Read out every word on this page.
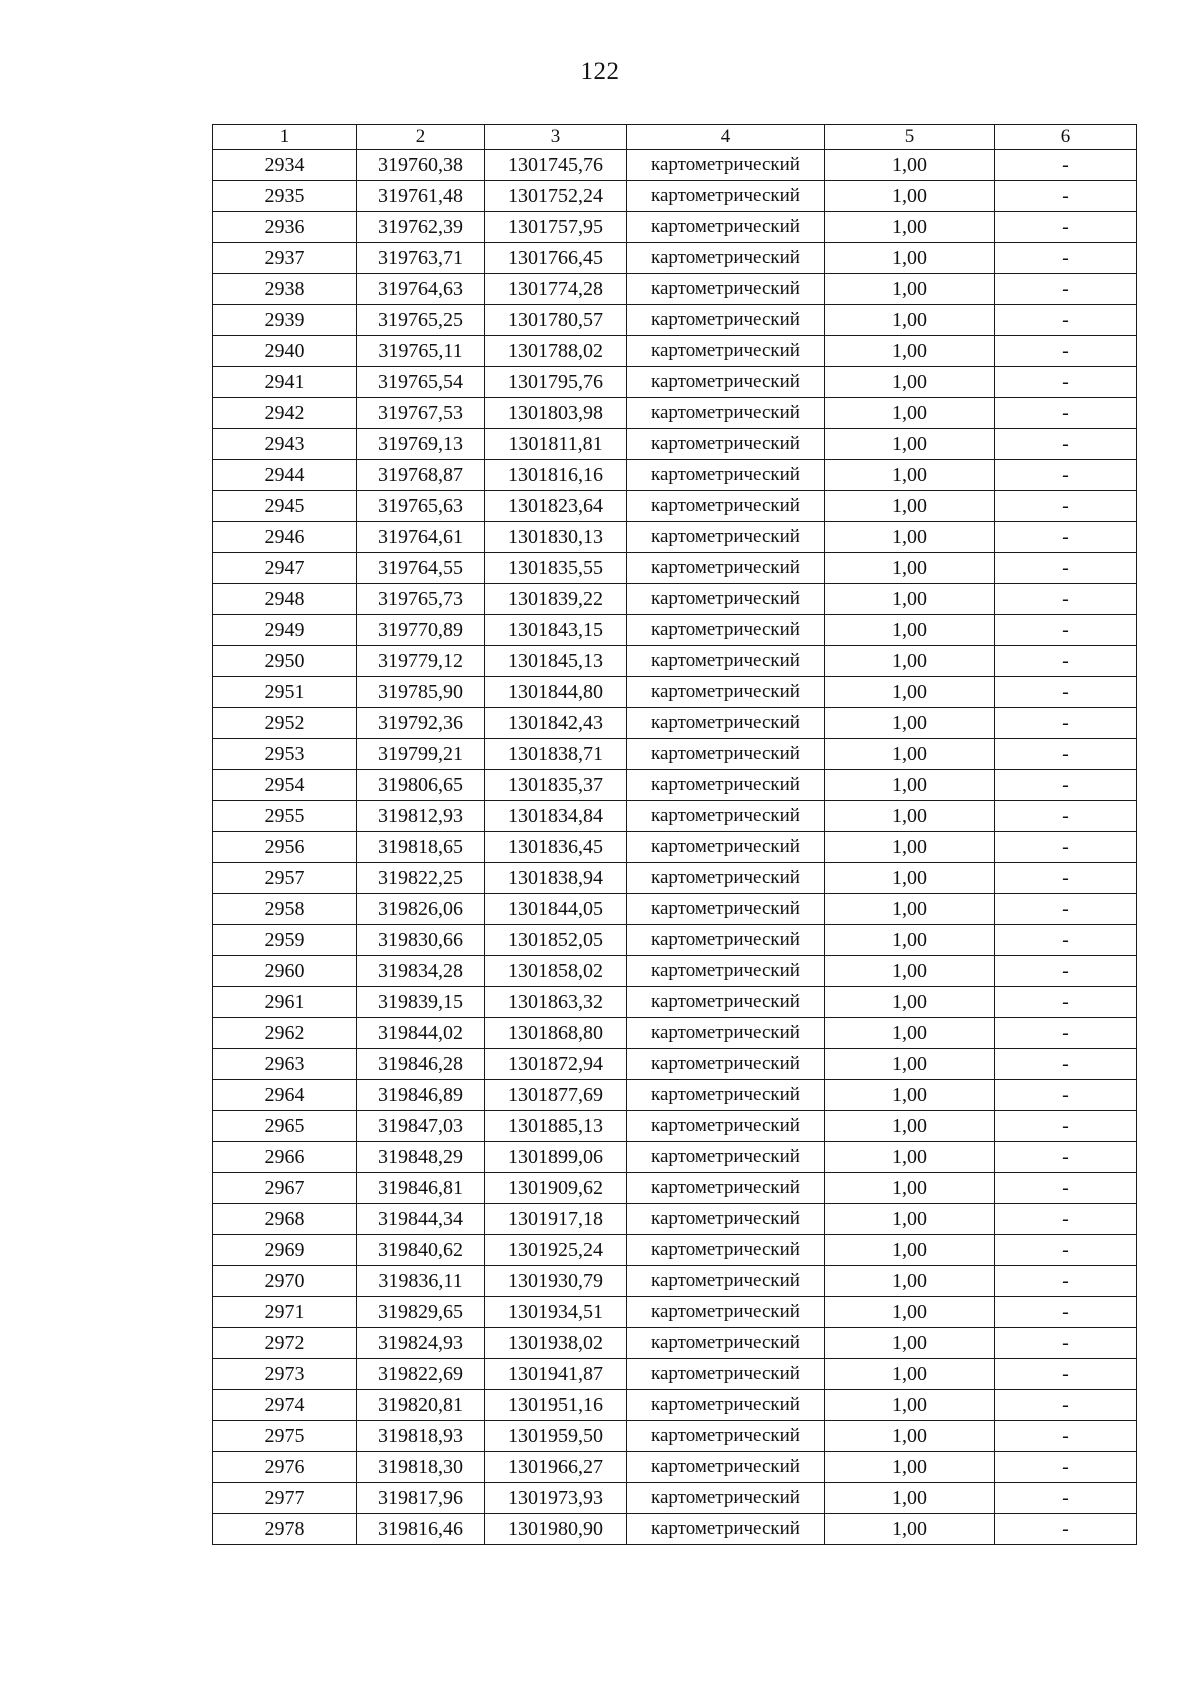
122
1	2	3	4	5	6
2934	319760,38	1301745,76	картометрический	1,00	-
2935	319761,48	1301752,24	картометрический	1,00	-
2936	319762,39	1301757,95	картометрический	1,00	-
2937	319763,71	1301766,45	картометрический	1,00	-
2938	319764,63	1301774,28	картометрический	1,00	-
2939	319765,25	1301780,57	картометрический	1,00	-
2940	319765,11	1301788,02	картометрический	1,00	-
2941	319765,54	1301795,76	картометрический	1,00	-
2942	319767,53	1301803,98	картометрический	1,00	-
2943	319769,13	1301811,81	картометрический	1,00	-
2944	319768,87	1301816,16	картометрический	1,00	-
2945	319765,63	1301823,64	картометрический	1,00	-
2946	319764,61	1301830,13	картометрический	1,00	-
2947	319764,55	1301835,55	картометрический	1,00	-
2948	319765,73	1301839,22	картометрический	1,00	-
2949	319770,89	1301843,15	картометрический	1,00	-
2950	319779,12	1301845,13	картометрический	1,00	-
2951	319785,90	1301844,80	картометрический	1,00	-
2952	319792,36	1301842,43	картометрический	1,00	-
2953	319799,21	1301838,71	картометрический	1,00	-
2954	319806,65	1301835,37	картометрический	1,00	-
2955	319812,93	1301834,84	картометрический	1,00	-
2956	319818,65	1301836,45	картометрический	1,00	-
2957	319822,25	1301838,94	картометрический	1,00	-
2958	319826,06	1301844,05	картометрический	1,00	-
2959	319830,66	1301852,05	картометрический	1,00	-
2960	319834,28	1301858,02	картометрический	1,00	-
2961	319839,15	1301863,32	картометрический	1,00	-
2962	319844,02	1301868,80	картометрический	1,00	-
2963	319846,28	1301872,94	картометрический	1,00	-
2964	319846,89	1301877,69	картометрический	1,00	-
2965	319847,03	1301885,13	картометрический	1,00	-
2966	319848,29	1301899,06	картометрический	1,00	-
2967	319846,81	1301909,62	картометрический	1,00	-
2968	319844,34	1301917,18	картометрический	1,00	-
2969	319840,62	1301925,24	картометрический	1,00	-
2970	319836,11	1301930,79	картометрический	1,00	-
2971	319829,65	1301934,51	картометрический	1,00	-
2972	319824,93	1301938,02	картометрический	1,00	-
2973	319822,69	1301941,87	картометрический	1,00	-
2974	319820,81	1301951,16	картометрический	1,00	-
2975	319818,93	1301959,50	картометрический	1,00	-
2976	319818,30	1301966,27	картометрический	1,00	-
2977	319817,96	1301973,93	картометрический	1,00	-
2978	319816,46	1301980,90	картометрический	1,00	-
